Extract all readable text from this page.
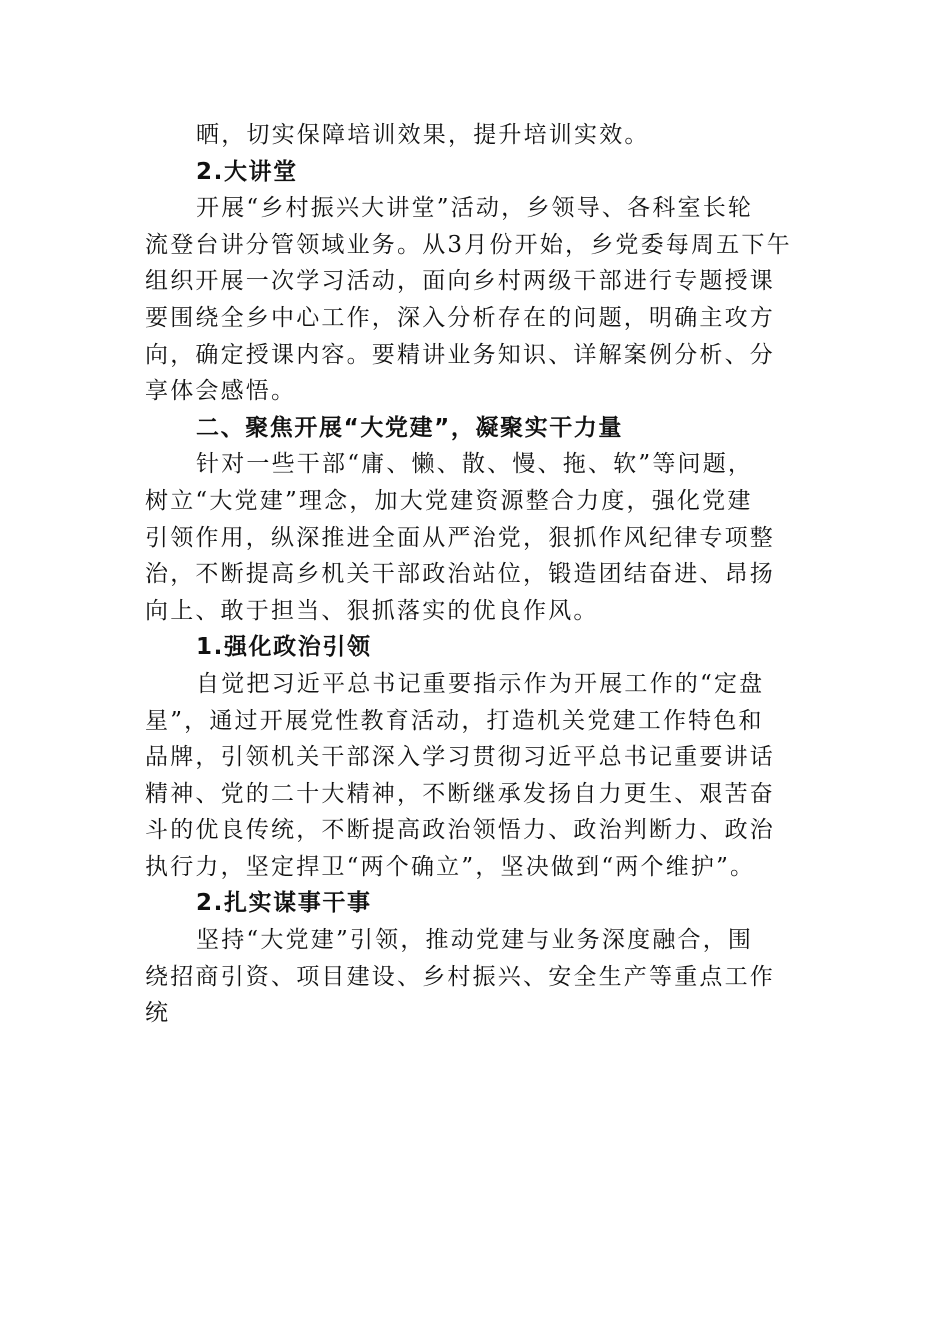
晒，切实保障培训效果，提升培训实效。

2.大讲堂

开展“乡村振兴大讲堂”活动，乡领导、各科室长轮
流登台讲分管领域业务。从3月份开始，乡党委每周五下午
组织开展一次学习活动，面向乡村两级干部进行专题授课
要围绕全乡中心工作，深入分析存在的问题，明确主攻方
向，确定授课内容。要精讲业务知识、详解案例分析、分
享体会感悟。

二、聚焦开展“大党建”，凝聚实干力量

针对一些干部“庸、懒、散、慢、拖、软”等问题，
树立“大党建”理念，加大党建资源整合力度，强化党建
引领作用，纵深推进全面从严治党，狠抓作风纪律专项整
治，不断提高乡机关干部政治站位，锻造团结奋进、昂扬
向上、敢于担当、狠抓落实的优良作风。

1.强化政治引领

自觉把习近平总书记重要指示作为开展工作的“定盘
星”，通过开展党性教育活动，打造机关党建工作特色和
品牌，引领机关干部深入学习贯彻习近平总书记重要讲话
精神、党的二十大精神，不断继承发扬自力更生、艰苦奋
斗的优良传统，不断提高政治领悟力、政治判断力、政治
执行力，坚定捍卫“两个确立”，坚决做到“两个维护”。

2.扎实谋事干事

坚持“大党建”引领，推动党建与业务深度融合，围
绕招商引资、项目建设、乡村振兴、安全生产等重点工作
统
